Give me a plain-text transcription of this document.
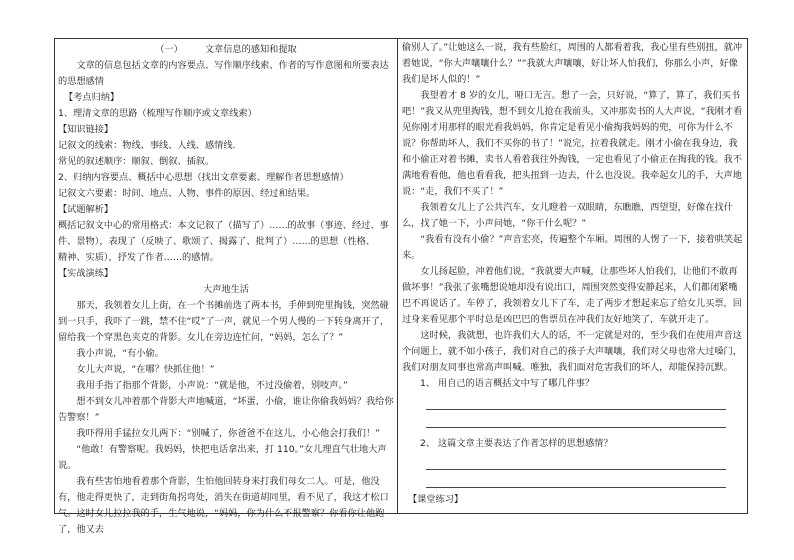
（一） 文章信息的感知和提取

文章的信息包括文章的内容要点、写作顺序线索、作者的写作意图和所要表达的思想感情

【考点归纳】

1、理清文章的思路（梳理写作顺序或文章线索）

【知识链接】

记叙文的线索：物线、事线、人线、感情线.

常见的叙述顺序：顺叙、倒叙、插叙。

2、归纳内容要点、概括中心思想（找出文章要素、理解作者思想感情）

记叙文六要素：时间、地点、人物、事件的原因、经过和结果。

【试题解析】

概括记叙文中心的常用格式：本文记叙了（描写了）……的故事（事迹、经过、事

件、景物），表现了（反映了、歌颂了、揭露了、批判了）……的思想（性格、

精神、实质），抒发了作者……的感情。

【实战演练】

大声地生活

那天，我领着女儿上街，在一个书摊前选了两本书，手伸到兜里掏钱，突然碰到一只手，我吓了一跳，禁不住“哎”了一声，就见一个男人慢的一下转身离开了，留给我一个穿黑色夹克的背影。女儿在旁边连忙问，“妈妈，怎么了？”

我小声说，“有小偷。

女儿大声说，“在哪？快抓住他！”

我用手指了指那个背影，小声说：“就是他，不过没偷着，别吱声。”

想不到女儿冲着那个背影大声地喊道，“坏蛋，小偷，谁让你偷我妈妈？我给你告警察！”

我吓得用手猛拉女儿两下：“别喊了，你爸爸不在这儿，小心他会打我们！”

“他敢！有警察呢。我妈妈，快把电话拿出来，打 110。”女儿理直气壮地大声说。

我有些害怕地看着那个背影，生怕他回转身来打我们母女二人。可是，他没有，他走得更快了，走到街角拐弯处，消失在街道胡同里，看不见了，我这才松口气。这时女儿拉拉我的手，生气地说，“妈妈，你为什么不报警察？你看你让他跑了，他又去

偷别人了。”让她这么一说，我有些脸红，周围的人都看着我，我心里有些别扭，就冲着她说，“你大声嚷嚷什么？”“我就大声嚷嚷，好让坏人怕我们，你那么小声，好像我们是坏人似的！”

我望着才 8 岁的女儿，哑口无言。想了一会，只好说，“算了，算了，我们买书吧！”我又从兜里掏钱，想不到女儿抢在我前头，又冲那卖书的人大声说，“我刚才看见你刚才用那样的眼光看我妈妈，你肯定是看见小偷掏我妈妈的兜，可你为什么不说？你帮助坏人，我们不买你的书了！”说完，拉着我就走。刚才小偷在我身边，我和小偷正对着书摊，卖书人看着我往外掏钱，一定也看见了小偷正在掏我的钱。我不满地看看他，他也看看我，把头扭到一边去，什么也没说。我牵起女儿的手，大声地说：“走，我们不买了！”

我领着女儿上了公共汽车，女儿瞪着一双眼睛，东瞧瞧，西望望，好像在找什么，找了她一下，小声问她，“你干什么呢？”

“我看有没有小偷？”声音宏亮，传遍整个车厢。周围的人愣了一下，接着哄笑起来。

女儿扬起脸，冲着他们说，“我就要大声喊，让那些坏人怕我们，让他们不敢再做坏事！”我张了张嘴想说她却没有说出口，周围突然变得安静起来，人们都闭紧嘴巴不再说话了。车停了，我领着女儿下了车，走了两步才想起来忘了给女儿买票，回过身来看见那个平时总是凶巴巴的售票员在冲我们友好地笑了，车就开走了。

这时候，我就想，也许我们大人的话，不一定就是对的，至少我们在使用声音这个问题上，就不如小孩子，我们对自己的孩子大声嚷嚷，我们对父母也常大过嗓门，我们对朋友同事也常高声叫喊。唯独，我们面对危害我们的坏人，却能保持沉默。

1、 用自己的语言概括文中写了哪几件事？

2、 这篇文章主要表达了作者怎样的思想感情？

【课堂练习】
